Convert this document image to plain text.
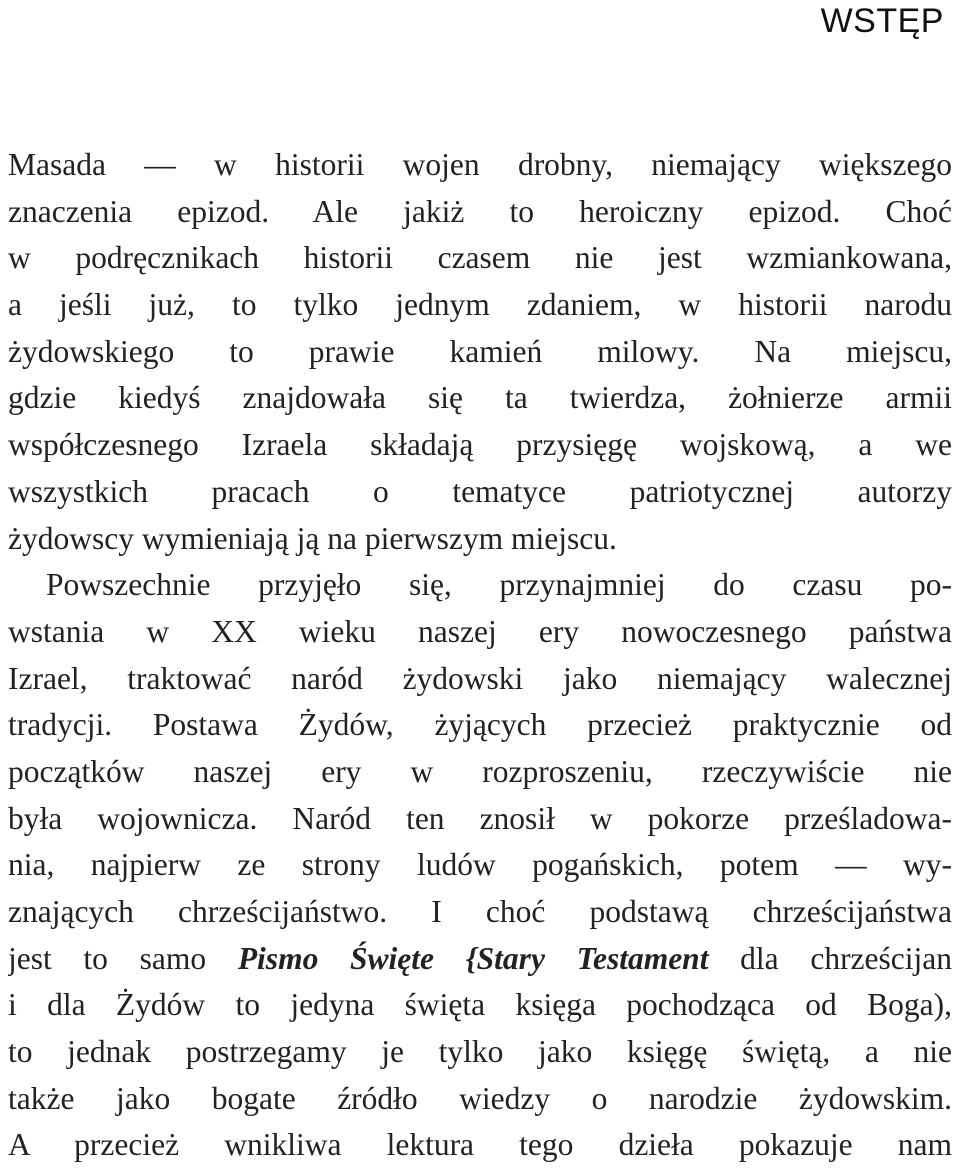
WSTĘP
Masada — w historii wojen drobny, niemający większego
znaczenia epizod. Ale jakiż to heroiczny epizod. Choć
w podręcznikach historii czasem nie jest wzmiankowana,
a jeśli już, to tylko jednym zdaniem, w historii narodu
żydowskiego to prawie kamień milowy. Na miejscu,
gdzie kiedyś znajdowała się ta twierdza, żołnierze armii
współczesnego Izraela składają przysięgę wojskową, a we
wszystkich pracach o tematyce patriotycznej autorzy
żydowscy wymieniają ją na pierwszym miejscu.
Powszechnie przyjęło się, przynajmniej do czasu po-
wstania w XX wieku naszej ery nowoczesnego państwa
Izrael, traktować naród żydowski jako niemający walecznej
tradycji. Postawa Żydów, żyjących przecież praktycznie od
początków naszej ery w rozproszeniu, rzeczywiście nie
była wojownicza. Naród ten znosił w pokorze prześladowa-
nia, najpierw ze strony ludów pogańskich, potem — wy-
znających chrześcijaństwo. I choć podstawą chrześcijaństwa
jest to samo Pismo Święte {Stary Testament dla chrześcijan
i dla Żydów to jedyna święta księga pochodząca od Boga),
to jednak postrzegamy je tylko jako księgę świętą, a nie
także jako bogate źródło wiedzy o narodzie żydowskim.
A przecież wnikliwa lektura tego dzieła pokazuje nam
